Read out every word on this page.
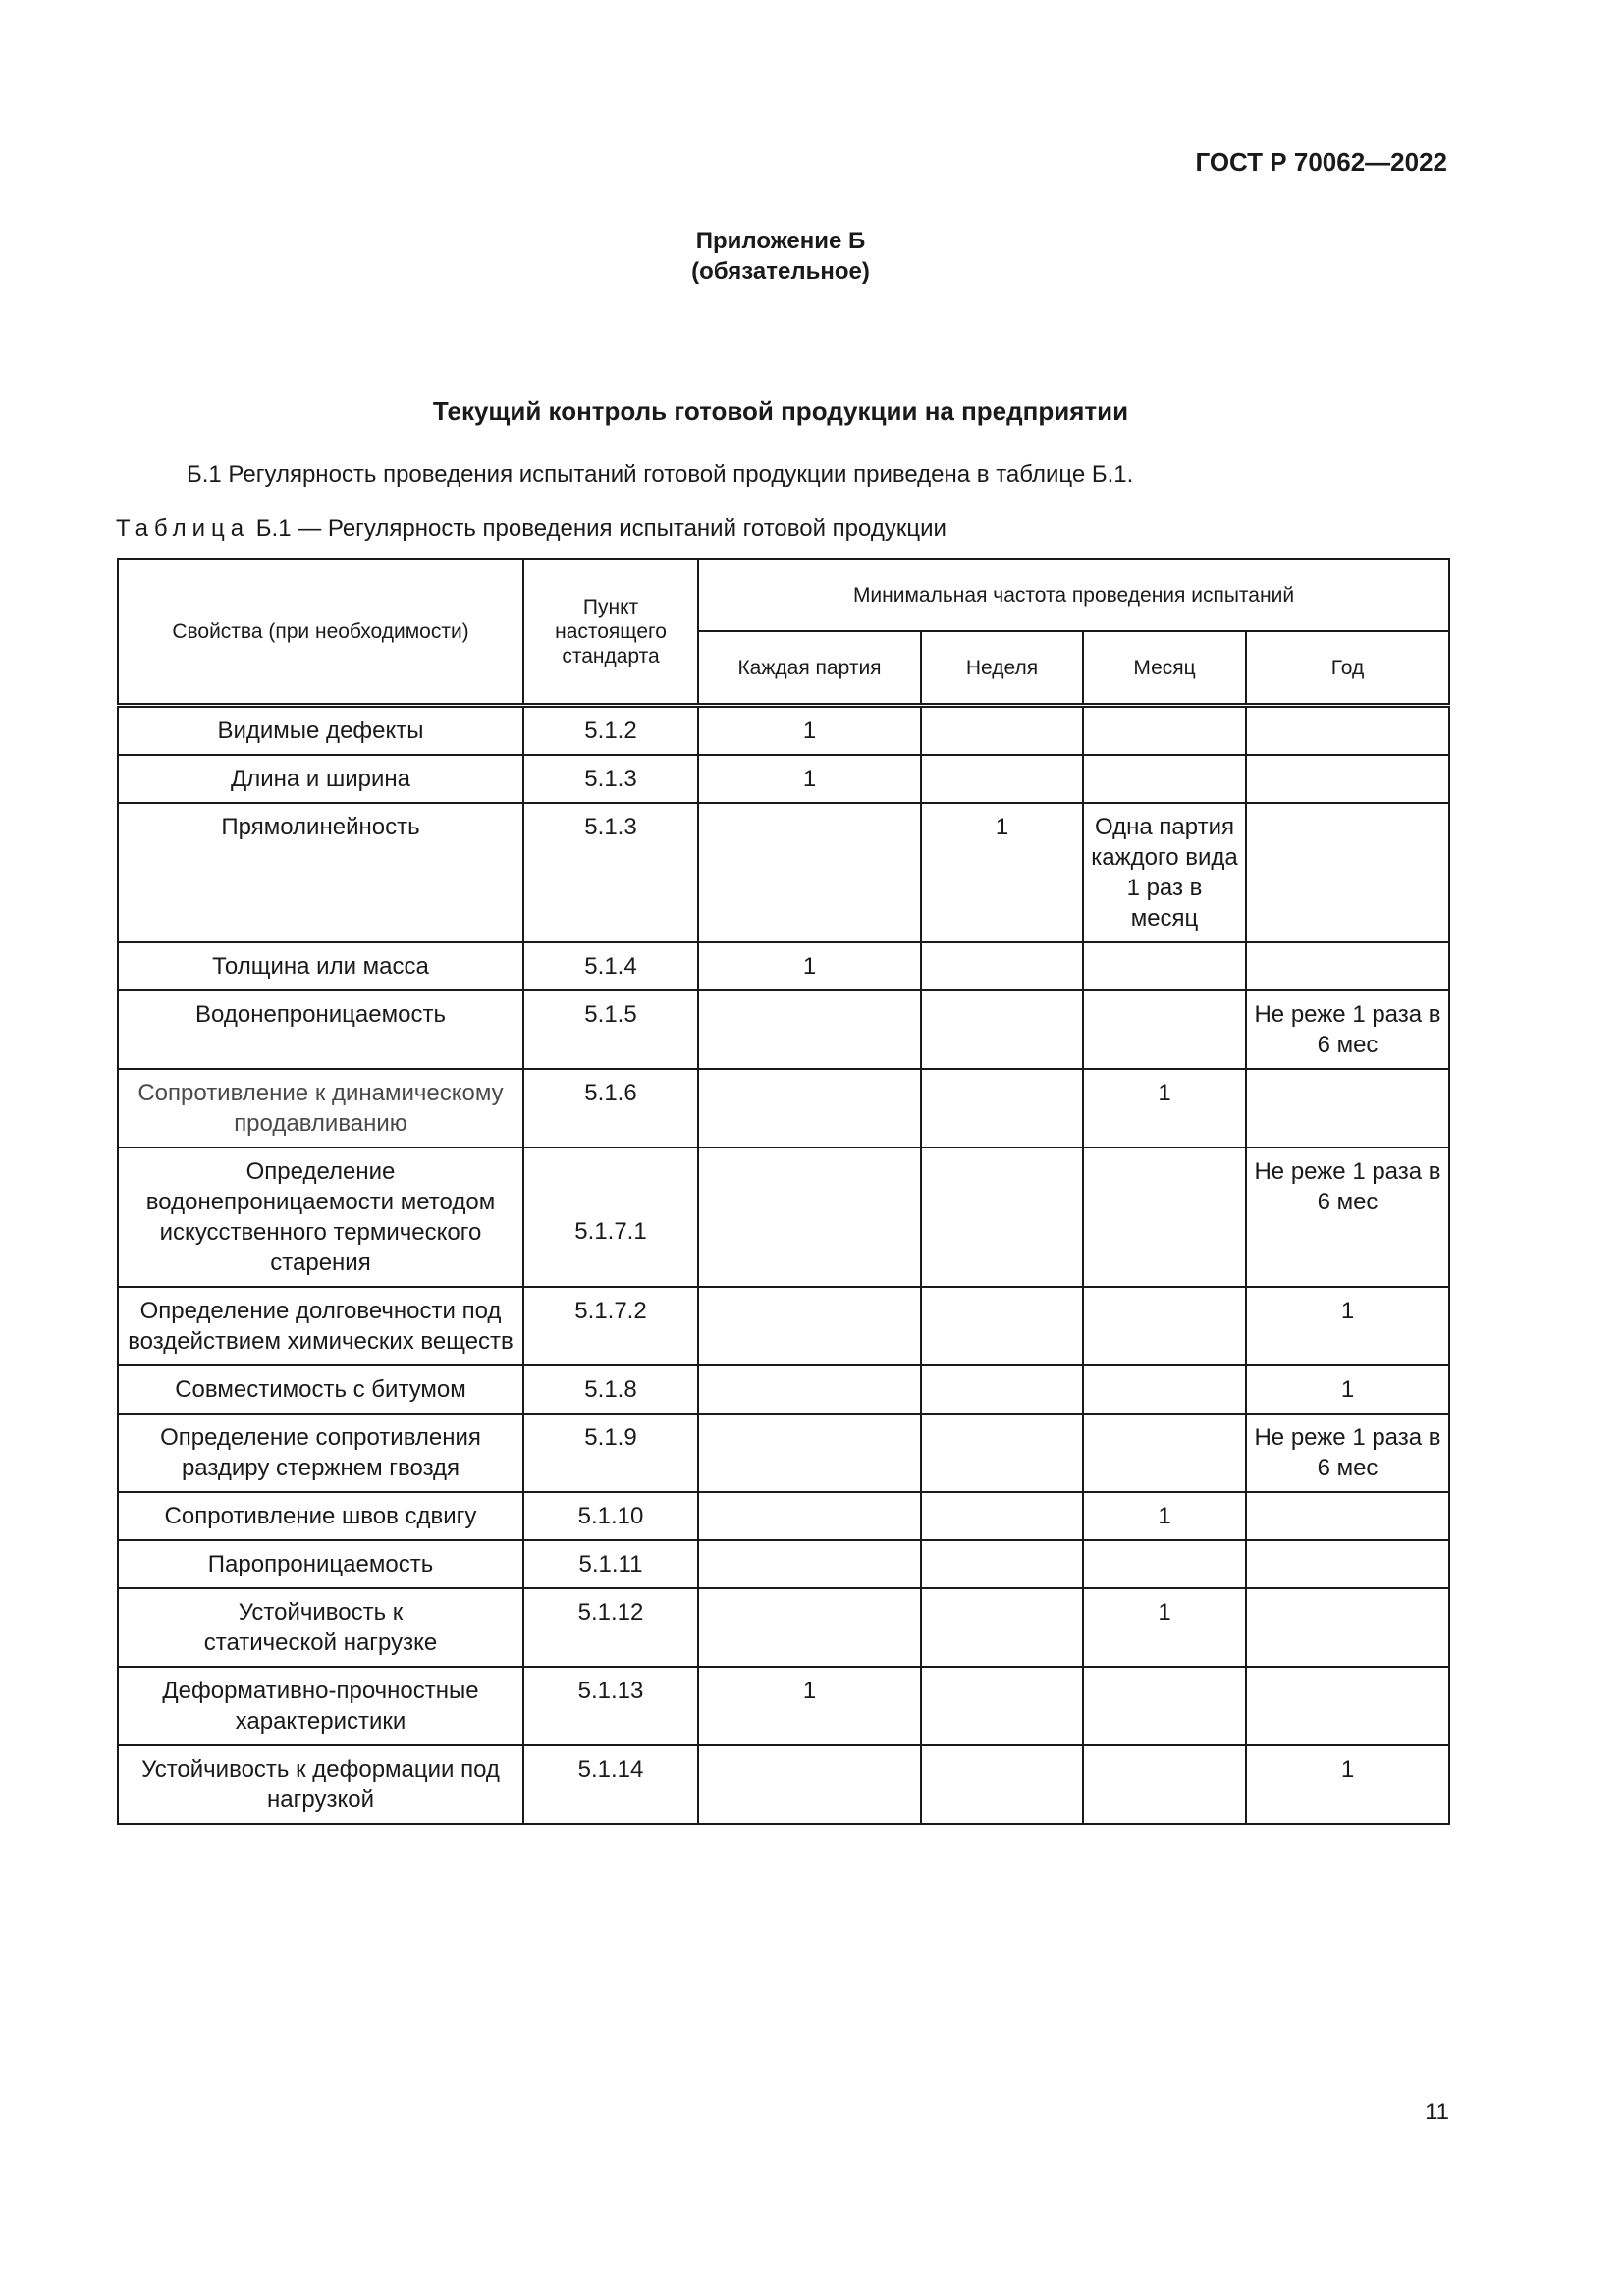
ГОСТ Р 70062—2022
Приложение Б
(обязательное)
Текущий контроль готовой продукции на предприятии
Б.1 Регулярность проведения испытаний готовой продукции приведена в таблице Б.1.
Таблица Б.1 — Регулярность проведения испытаний готовой продукции
Свойства (при необходимости)	Пункт настоящего стандарта	Минимальная частота проведения испытаний			
		Каждая партия	Неделя	Месяц	Год
Видимые дефекты	5.1.2	1			
Длина и ширина	5.1.3	1			
Прямолинейность	5.1.3		1	Одна партия каждого вида 1 раз в месяц	
Толщина или масса	5.1.4	1			
Водонепроницаемость	5.1.5				Не реже 1 раза в 6 мес
Сопротивление к динамическому продавливанию	5.1.6			1	
Определение водонепроницаемости методом искусственного термического старения	5.1.7.1				Не реже 1 раза в 6 мес
Определение долговечности под воздействием химических веществ	5.1.7.2				1
Совместимость с битумом	5.1.8				1
Определение сопротивления раздиру стержнем гвоздя	5.1.9				Не реже 1 раза в 6 мес
Сопротивление швов сдвигу	5.1.10			1	
Паропроницаемость	5.1.11				
Устойчивость к статической нагрузке	5.1.12			1	
Деформативно-прочностные характеристики	5.1.13	1			
Устойчивость к деформации под нагрузкой	5.1.14				1
11
